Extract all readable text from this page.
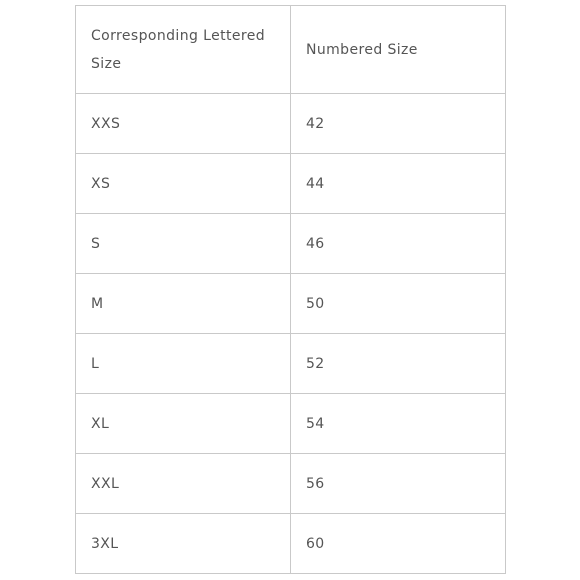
Corresponding Lettered Size	Numbered Size
XXS	42
XS	44
S	46
M	50
L	52
XL	54
XXL	56
3XL	60
